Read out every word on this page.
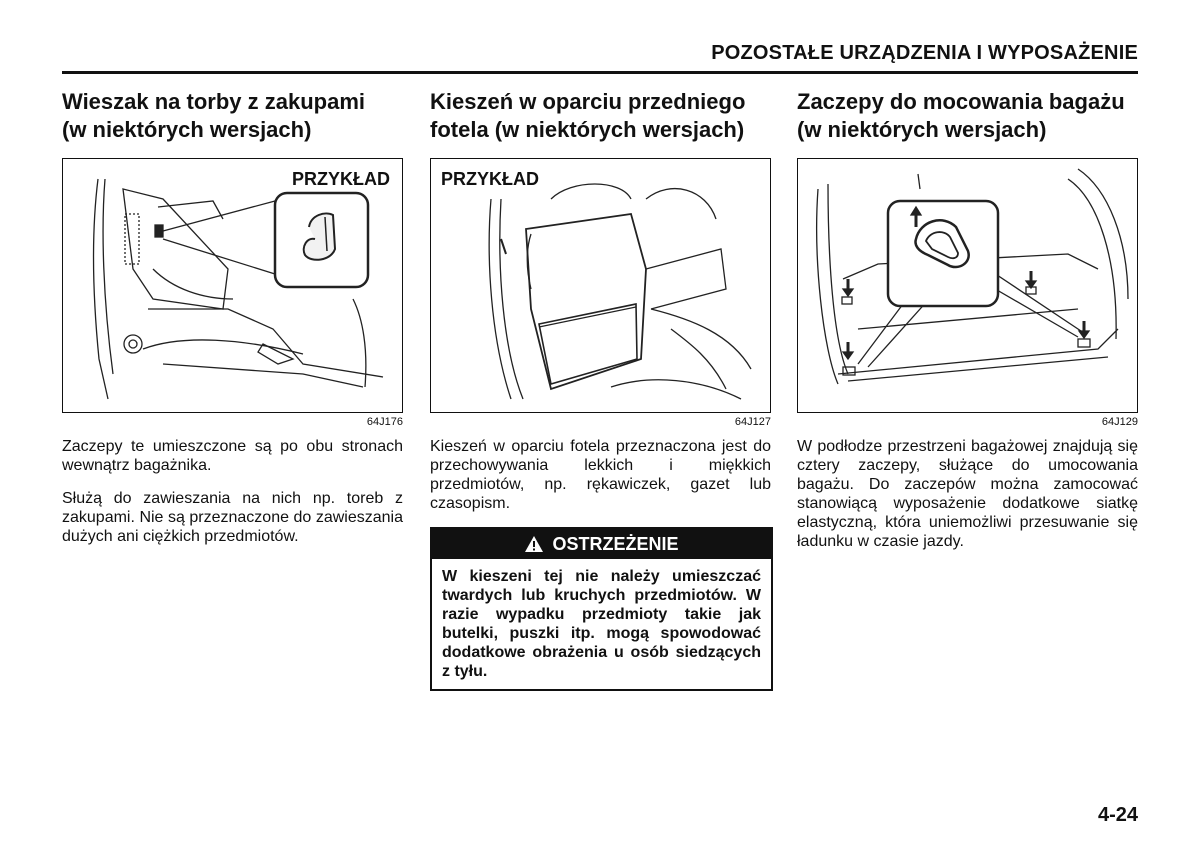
POZOSTAŁE URZĄDZENIA I WYPOSAŻENIE
Wieszak na torby z zakupami
(w niektórych wersjach)
PRZYKŁAD
64J176

Zaczepy te umieszczone są po obu stronach wewnątrz bagażnika.

Służą do zawieszania na nich np. toreb z zakupami. Nie są przeznaczone do zawieszania dużych ani ciężkich przedmiotów.

Kieszeń w oparciu przedniego
fotela (w niektórych wersjach)
PRZYKŁAD
64J127

Kieszeń w oparciu fotela przeznaczona jest do przechowywania lekkich i miękkich przedmiotów, np. rękawiczek, gazet lub czasopism.

OSTRZEŻENIE
W kieszeni tej nie należy umieszczać twardych lub kruchych przedmiotów. W razie wypadku przedmioty takie jak butelki, puszki itp. mogą spowodować dodatkowe obrażenia u osób siedzących z tyłu.
Zaczepy do mocowania bagażu
(w niektórych wersjach)
64J129

W podłodze przestrzeni bagażowej znajdują się cztery zaczepy, służące do umocowania bagażu. Do zaczepów można zamocować stanowiącą wyposażenie dodatkowe siatkę elastyczną, która uniemożliwi przesuwanie się ładunku w czasie jazdy.

4-24
